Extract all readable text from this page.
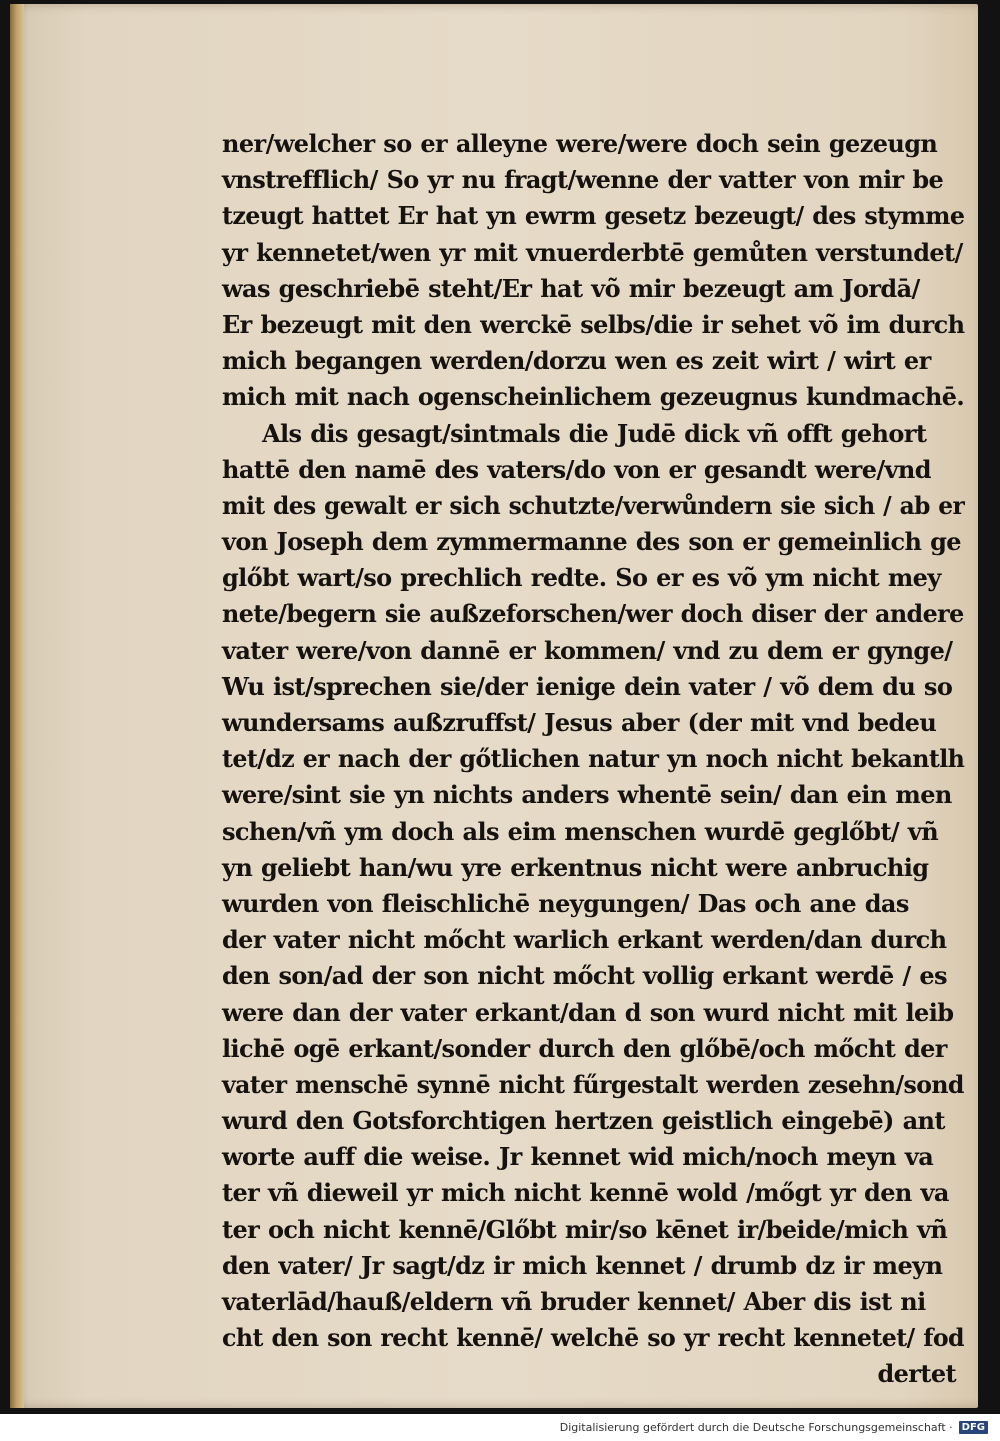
ner/welcher so er alleyne were/were doch sein gezeugn
vnstrefflich/ So yr nu fragt/wenne der vatter von mir be
tzeugt hattet Er hat yn ewrm gesetz bezeugt/ des stymme
yr kennetet/wen yr mit vnuerderbtē gemůten verstundet/
was geschriebē steht/Er hat võ mir bezeugt am Jordā/
Er bezeugt mit den werckē selbs/die ir sehet võ im durch
mich begangen werden/dorzu wen es zeit wirt / wirt er
mich mit nach ogenscheinlichem gezeugnus kundmachē.
Als dis gesagt/sintmals die Judē dick vñ offt gehort
hattē den namē des vaters/do von er gesandt were/vnd
mit des gewalt er sich schutzte/verwůndern sie sich / ab er
von Joseph dem zymmermanne des son er gemeinlich ge
glőbt wart/so prechlich redte. So er es võ ym nicht mey
nete/begern sie außzeforschen/wer doch diser der andere
vater were/von dannē er kommen/ vnd zu dem er gynge/
Wu ist/sprechen sie/der ienige dein vater / võ dem du so
wundersams außzruffst/ Jesus aber (der mit vnd bedeu
tet/dz er nach der gőtlichen natur yn noch nicht bekantlh
were/sint sie yn nichts anders whentē sein/ dan ein men
schen/vñ ym doch als eim menschen wurdē geglőbt/ vñ
yn geliebt han/wu yre erkentnus nicht were anbruchig
wurden von fleischlichē neygungen/ Das och ane das
der vater nicht mőcht warlich erkant werden/dan durch
den son/ad der son nicht mőcht vollig erkant werdē / es
were dan der vater erkant/dan d son wurd nicht mit leib
lichē ogē erkant/sonder durch den glőbē/och mőcht der
vater menschē synnē nicht fűrgestalt werden zesehn/sond
wurd den Gotsforchtigen hertzen geistlich eingebē) ant
worte auff die weise. Jr kennet wid mich/noch meyn va
ter vñ dieweil yr mich nicht kennē wold /mőgt yr den va
ter och nicht kennē/Glőbt mir/so kēnet ir/beide/mich vñ
den vater/ Jr sagt/dz ir mich kennet / drumb dz ir meyn
vaterlād/hauß/eldern vñ bruder kennet/ Aber dis ist ni
cht den son recht kennē/ welchē so yr recht kennetet/ fod
dertet
Digitalisierung gefördert durch die Deutsche Forschungsgemeinschaft · DFG
